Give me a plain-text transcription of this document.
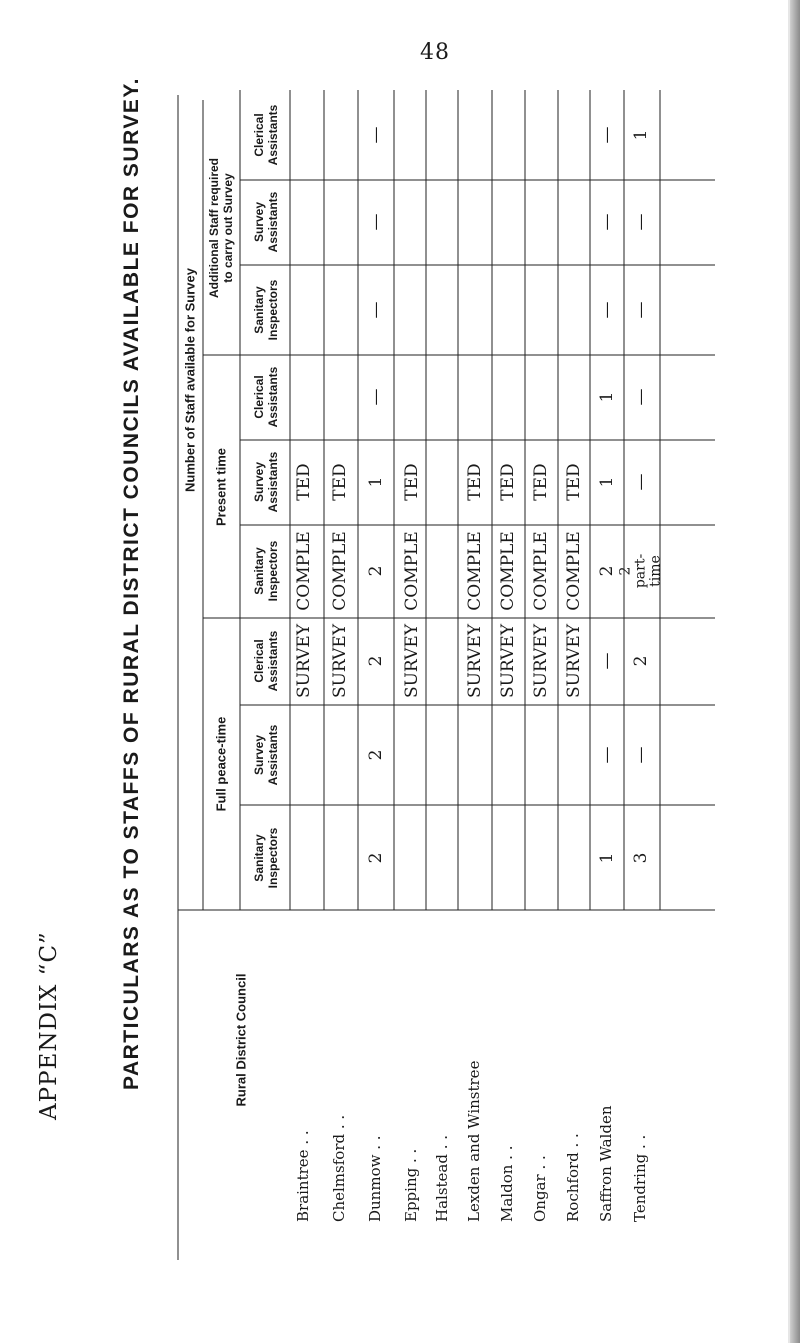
48
APPENDIX “C”	PARTICULARS AS TO STAFFS OF RURAL DISTRICT COUNCILS AVAILABLE FOR SURVEY.	Number of Staff available for Survey
Full peace-time
Present time
Additional Staff required to carry out Survey
Rural District Council
Sanitary Inspectors
Survey Assistants
Clerical Assistants
Sanitary Inspectors
Survey Assistants
Clerical Assistants
Sanitary Inspectors
Survey Assistants
Clerical Assistants
Braintree . .
SURVEY
COMPLE
TED
Chelmsford . .
SURVEY
COMPLE
TED
Dunmow . .
2
2
2
2
1
—
—
—
—
Epping . .
SURVEY
COMPLE
TED
Halstead . . Lexden and Winstree
SURVEY
COMPLE
TED
Maldon . .
SURVEY
COMPLE
TED
Ongar . .
SURVEY
COMPLE
TED
Rochford . .
SURVEY
COMPLE
TED
Saffron Walden
1
—
—
2
1
1
—
—
—
Tendring . .
3
—
2
2 part- time
—
—
—
—
1
